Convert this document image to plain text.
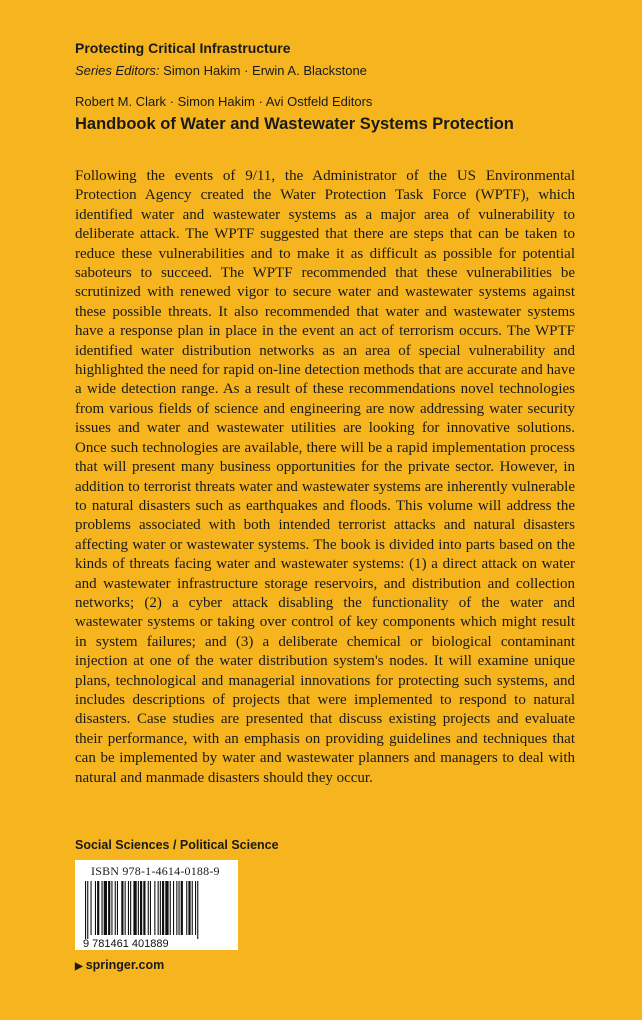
Protecting Critical Infrastructure
Series Editors: Simon Hakim · Erwin A. Blackstone
Robert M. Clark · Simon Hakim · Avi Ostfeld Editors
Handbook of Water and Wastewater Systems Protection

Following the events of 9/11, the Administrator of the US Environmental Protection Agency created the Water Protection Task Force (WPTF), which identified water and wastewater systems as a major area of vulnerability to deliberate attack. The WPTF suggested that there are steps that can be taken to reduce these vulnerabilities and to make it as difficult as possible for potential saboteurs to succeed. The WPTF recommended that these vulnerabilities be scrutinized with renewed vigor to secure water and wastewater systems against these possible threats. It also recommended that water and wastewater systems have a response plan in place in the event an act of terrorism occurs. The WPTF identified water distribution networks as an area of special vulnerability and highlighted the need for rapid on-line detection methods that are accurate and have a wide detection range. As a result of these recommendations novel technologies from various fields of science and engineering are now addressing water security issues and water and wastewater utilities are looking for innovative solutions. Once such technologies are available, there will be a rapid implementation process that will present many business opportunities for the private sector. However, in addition to terrorist threats water and wastewater systems are inherently vulnerable to natural disasters such as earthquakes and floods. This volume will address the problems associated with both intended terrorist attacks and natural disasters affecting water or wastewater systems. The book is divided into parts based on the kinds of threats facing water and wastewater systems: (1) a direct attack on water and wastewater infrastructure storage reservoirs, and distribution and collection networks; (2) a cyber attack disabling the functionality of the water and wastewater systems or taking over control of key components which might result in system failures; and (3) a deliberate chemical or biological contaminant injection at one of the water distribution system's nodes. It will examine unique plans, technological and managerial innovations for protecting such systems, and includes descriptions of projects that were implemented to respond to natural disasters. Case studies are presented that discuss existing projects and evaluate their performance, with an emphasis on providing guidelines and techniques that can be implemented by water and wastewater planners and managers to deal with natural and manmade disasters should they occur.

Social Sciences / Political Science
9 781461 401889
ISBN 978-1-4614-0188-9
▶ springer.com
